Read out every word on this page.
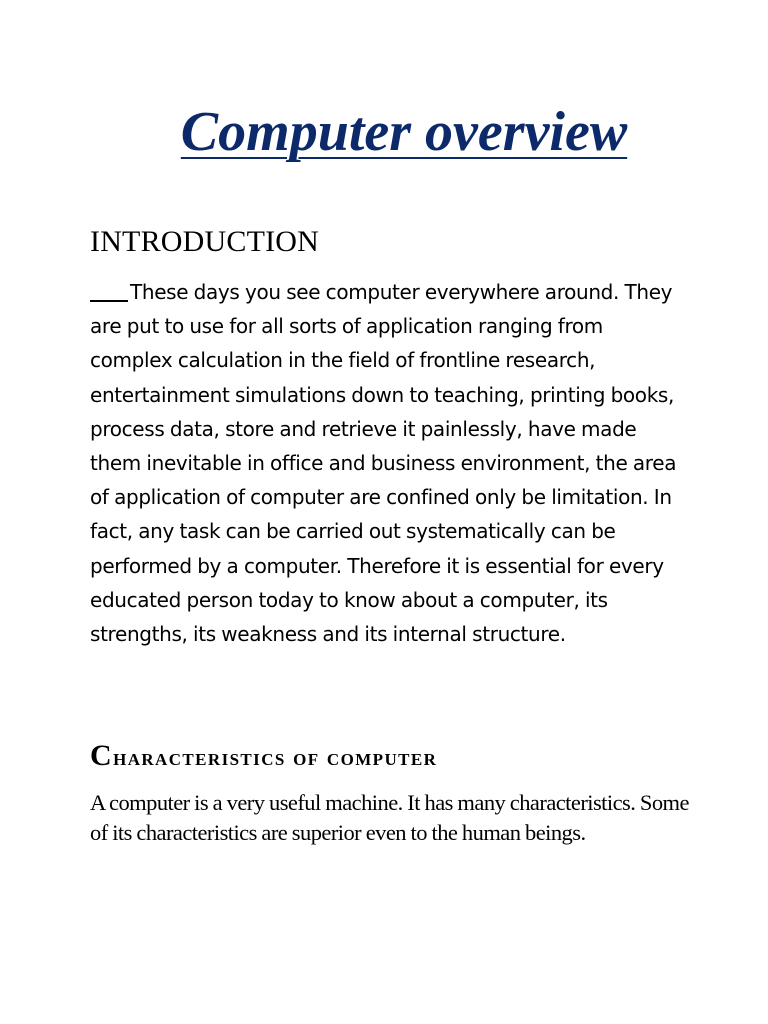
Computer overview
INTRODUCTION

These days you see computer everywhere around. They are put to use for all sorts of application ranging from complex calculation in the field of frontline research, entertainment simulations down to teaching, printing books, process data, store and retrieve it painlessly, have made them inevitable in office and business environment, the area of application of computer are confined only be limitation. In fact, any task can be carried out systematically can be performed by a computer. Therefore it is essential for every educated person today to know about a computer, its strengths, its weakness and its internal structure.

Characteristics of computer

A computer is a very useful machine. It has many characteristics. Some of its characteristics are superior even to the human beings.
